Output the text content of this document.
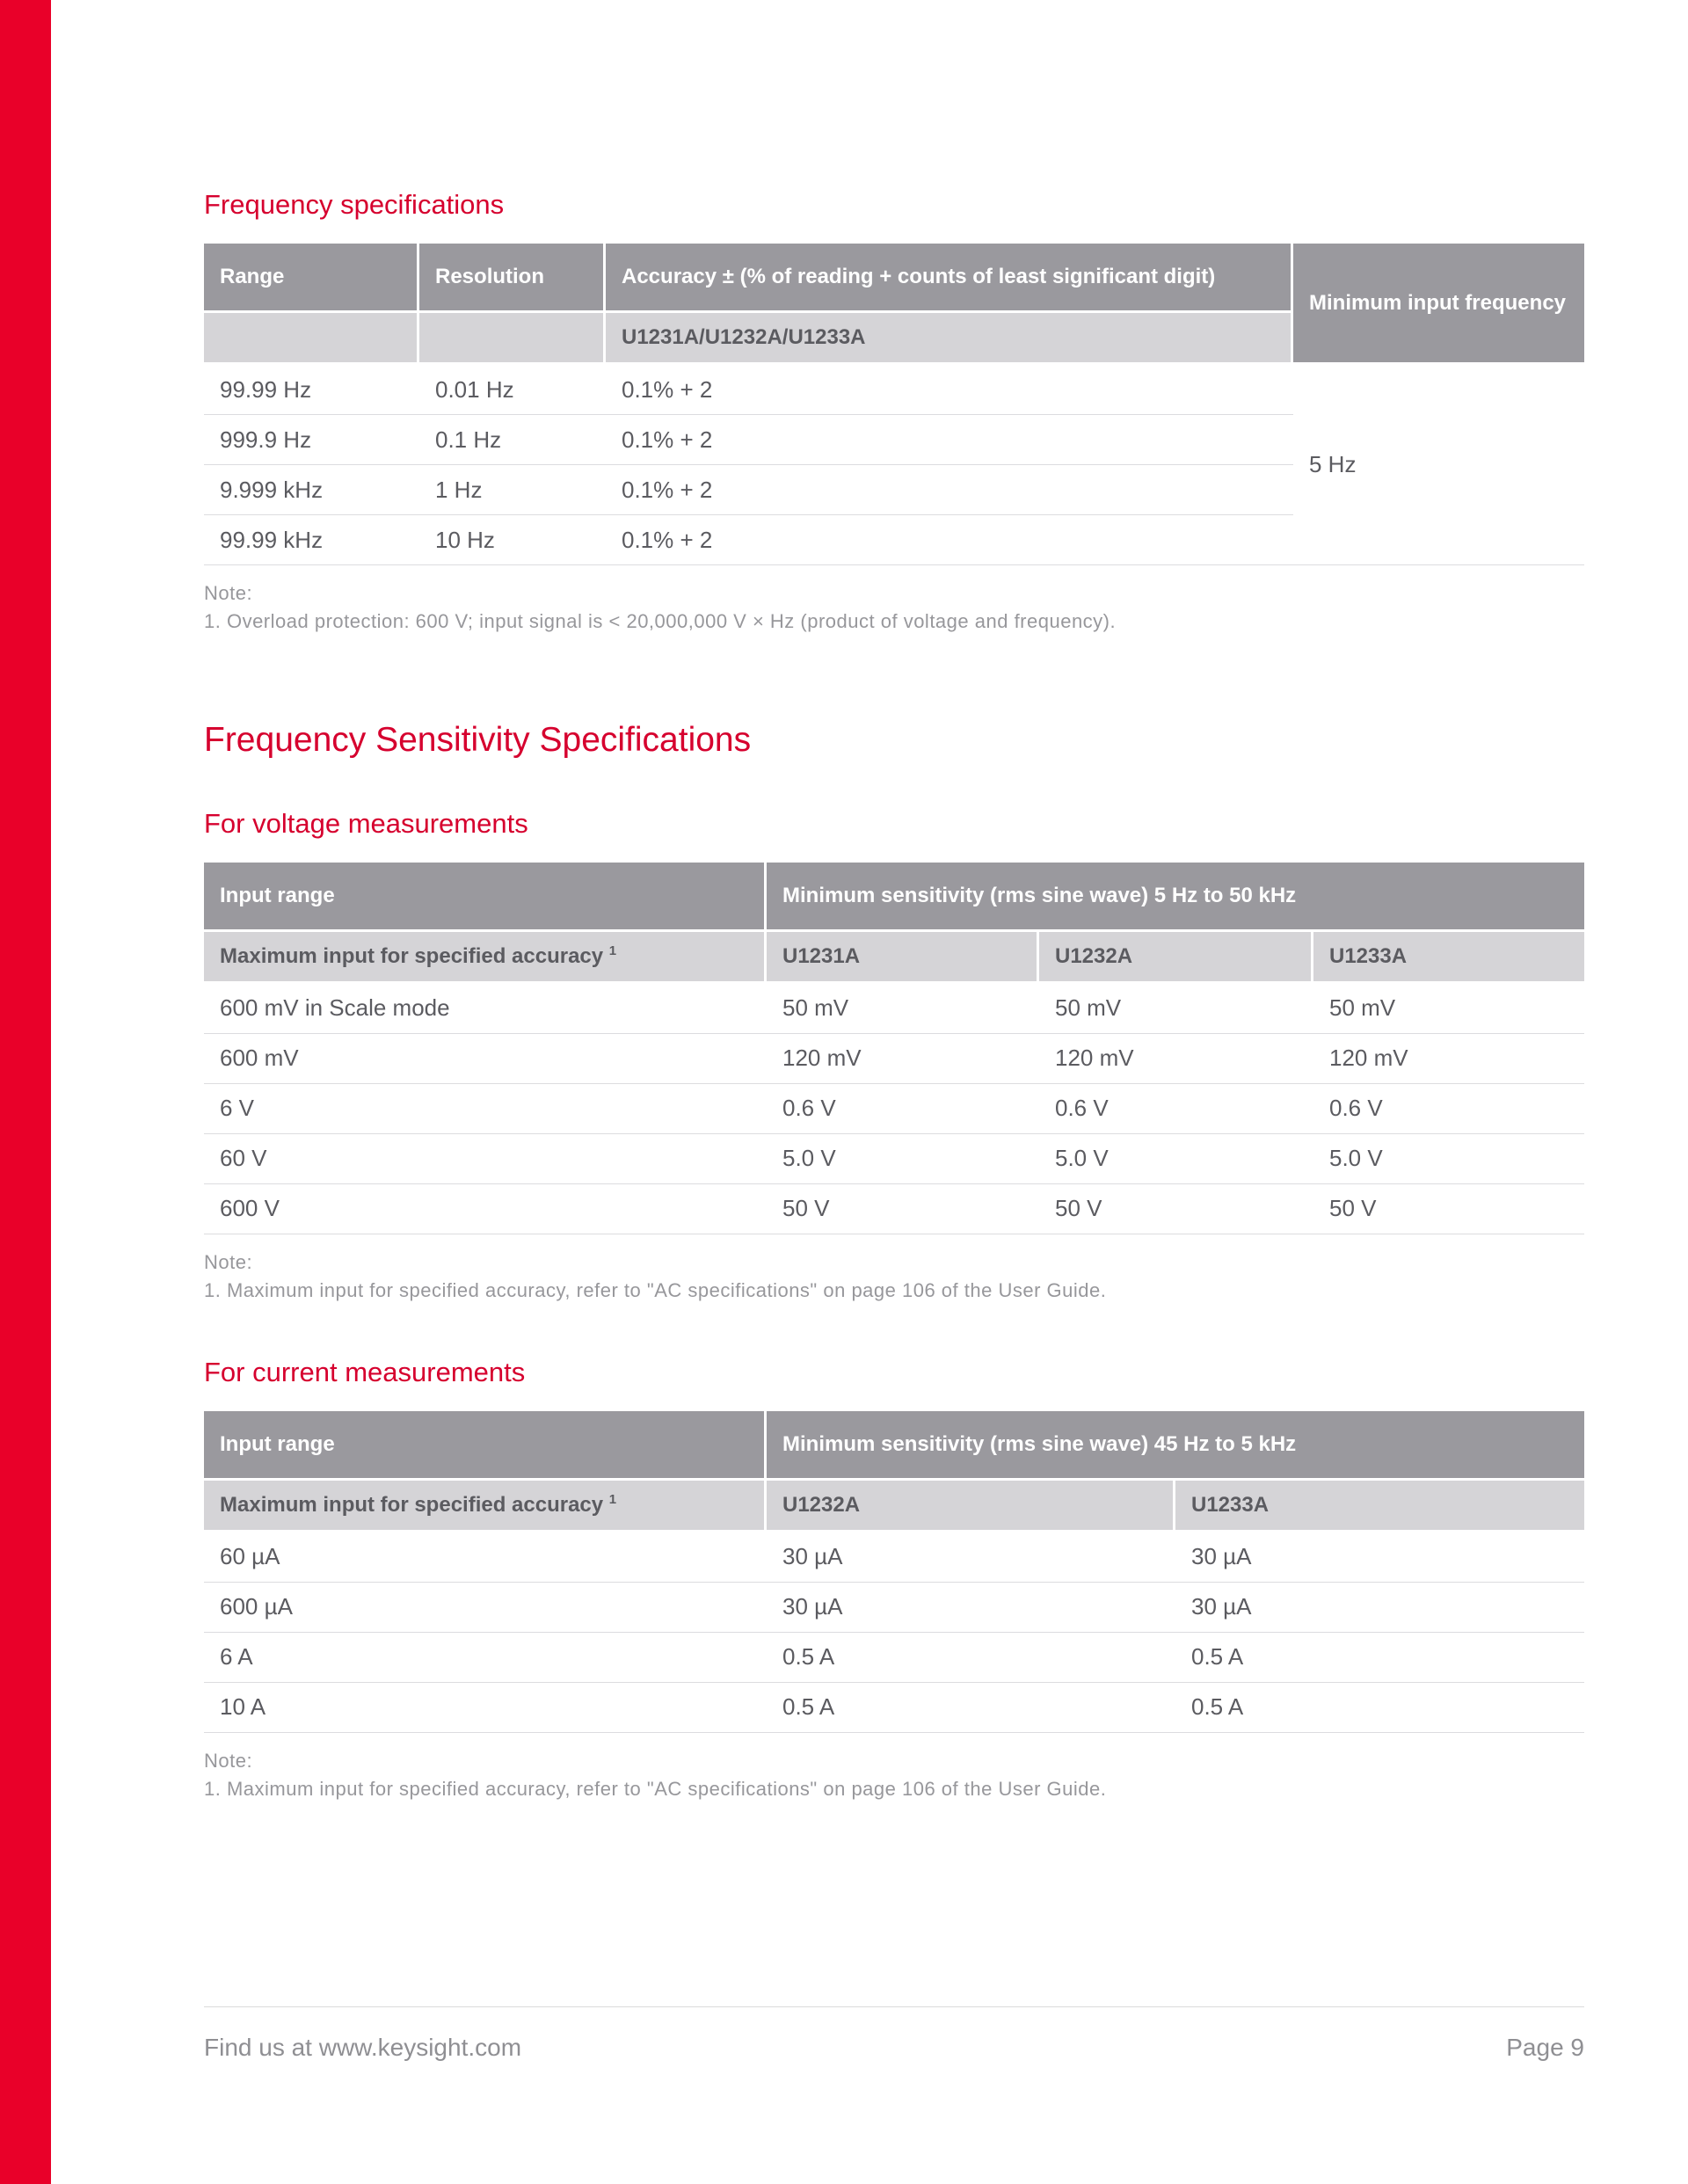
Frequency specifications
Range	Resolution	Accuracy ± (% of reading + counts of least significant digit)	Minimum input frequency
		U1231A/U1232A/U1233A	
99.99 Hz	0.01 Hz	0.1% + 2	5 Hz
999.9 Hz	0.1 Hz	0.1% + 2	
9.999 kHz	1 Hz	0.1% + 2	
99.99 kHz	10 Hz	0.1% + 2	
Note:
1. Overload protection: 600 V; input signal is < 20,000,000 V × Hz (product of voltage and frequency).
Frequency Sensitivity Specifications
For voltage measurements
Input range	Minimum sensitivity (rms sine wave) 5 Hz to 50 kHz		
Maximum input for specified accuracy $^1$	U1231A	U1232A	U1233A
600 mV in Scale mode	50 mV	50 mV	50 mV
600 mV	120 mV	120 mV	120 mV
6 V	0.6 V	0.6 V	0.6 V
60 V	5.0 V	5.0 V	5.0 V
600 V	50 V	50 V	50 V
Note:
1. Maximum input for specified accuracy, refer to "AC specifications" on page 106 of the User Guide.
For current measurements
Input range	Minimum sensitivity (rms sine wave) 45 Hz to 5 kHz	
Maximum input for specified accuracy $^1$	U1232A	U1233A
60 µA	30 µA	30 µA
600 µA	30 µA	30 µA
6 A	0.5 A	0.5 A
10 A	0.5 A	0.5 A
Note:
1. Maximum input for specified accuracy, refer to "AC specifications" on page 106 of the User Guide.
Find us at www.keysight.com	Page 9
